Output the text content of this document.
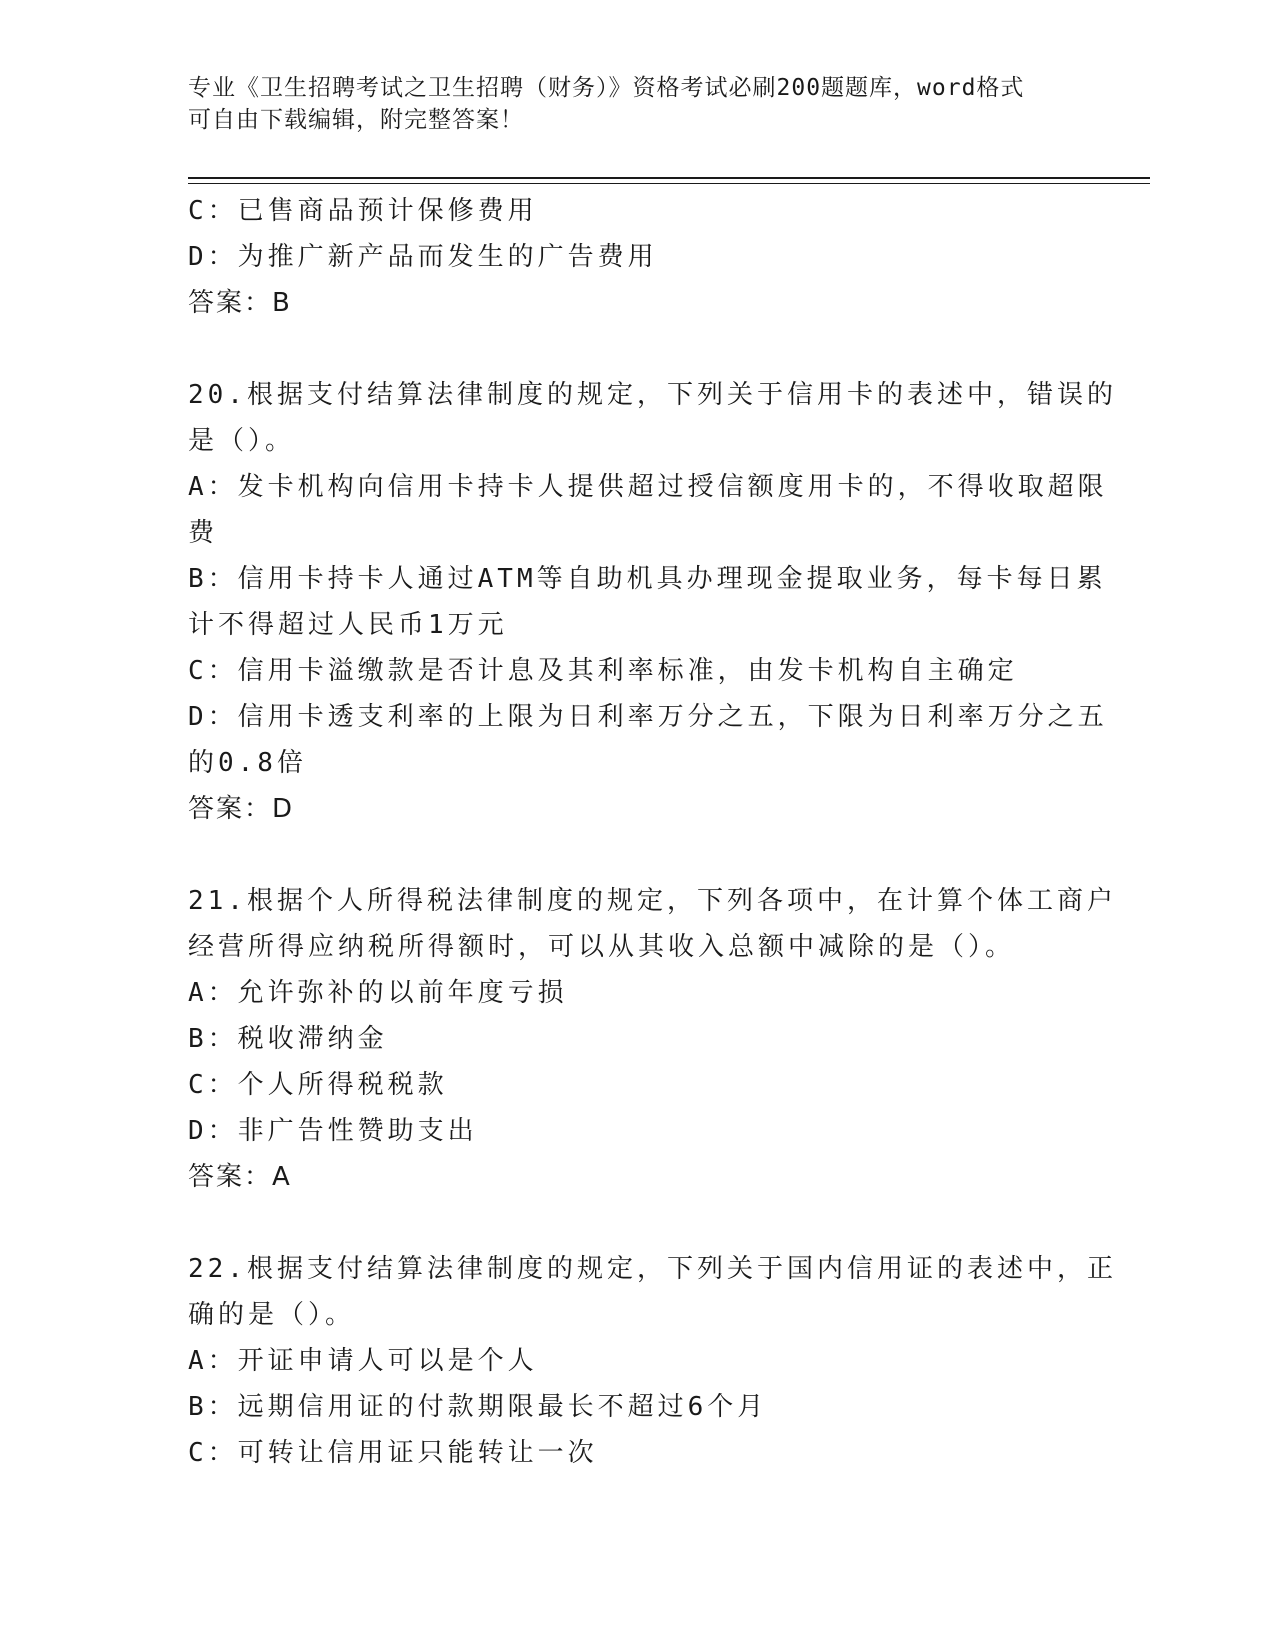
专业《卫生招聘考试之卫生招聘（财务）》资格考试必刷200题题库，word格式
可自由下载编辑，附完整答案！
C：已售商品预计保修费用
D：为推广新产品而发生的广告费用
答案：B
20.根据支付结算法律制度的规定，下列关于信用卡的表述中，错误的
是（）。
A：发卡机构向信用卡持卡人提供超过授信额度用卡的，不得收取超限
费
B：信用卡持卡人通过ATM等自助机具办理现金提取业务，每卡每日累
计不得超过人民币1万元
C：信用卡溢缴款是否计息及其利率标准，由发卡机构自主确定
D：信用卡透支利率的上限为日利率万分之五，下限为日利率万分之五
的0.8倍
答案：D
21.根据个人所得税法律制度的规定，下列各项中，在计算个体工商户
经营所得应纳税所得额时，可以从其收入总额中减除的是（）。
A：允许弥补的以前年度亏损
B：税收滞纳金
C：个人所得税税款
D：非广告性赞助支出
答案：A
22.根据支付结算法律制度的规定，下列关于国内信用证的表述中，正
确的是（）。
A：开证申请人可以是个人
B：远期信用证的付款期限最长不超过6个月
C：可转让信用证只能转让一次
